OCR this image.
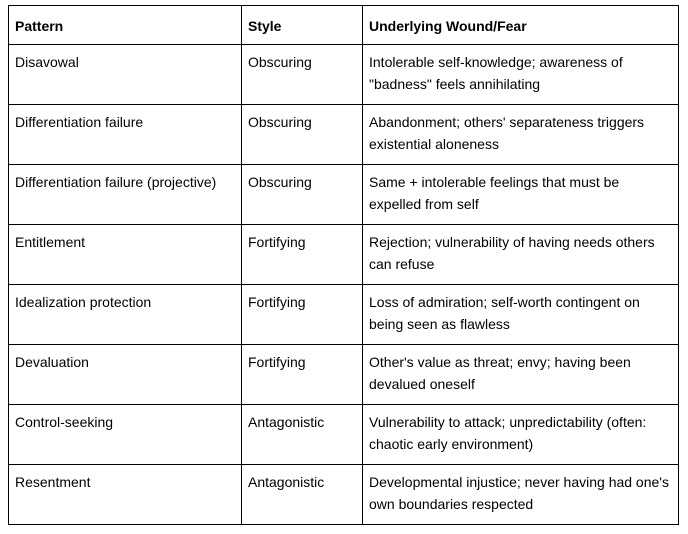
Pattern	Style	Underlying Wound/Fear
Disavowal	Obscuring	Intolerable self-knowledge; awareness of "badness" feels annihilating
Differentiation failure	Obscuring	Abandonment; others' separateness triggers existential aloneness
Differentiation failure (projective)	Obscuring	Same + intolerable feelings that must be expelled from self
Entitlement	Fortifying	Rejection; vulnerability of having needs others can refuse
Idealization protection	Fortifying	Loss of admiration; self-worth contingent on being seen as flawless
Devaluation	Fortifying	Other's value as threat; envy; having been devalued oneself
Control-seeking	Antagonistic	Vulnerability to attack; unpredictability (often: chaotic early environment)
Resentment	Antagonistic	Developmental injustice; never having had one's own boundaries respected
